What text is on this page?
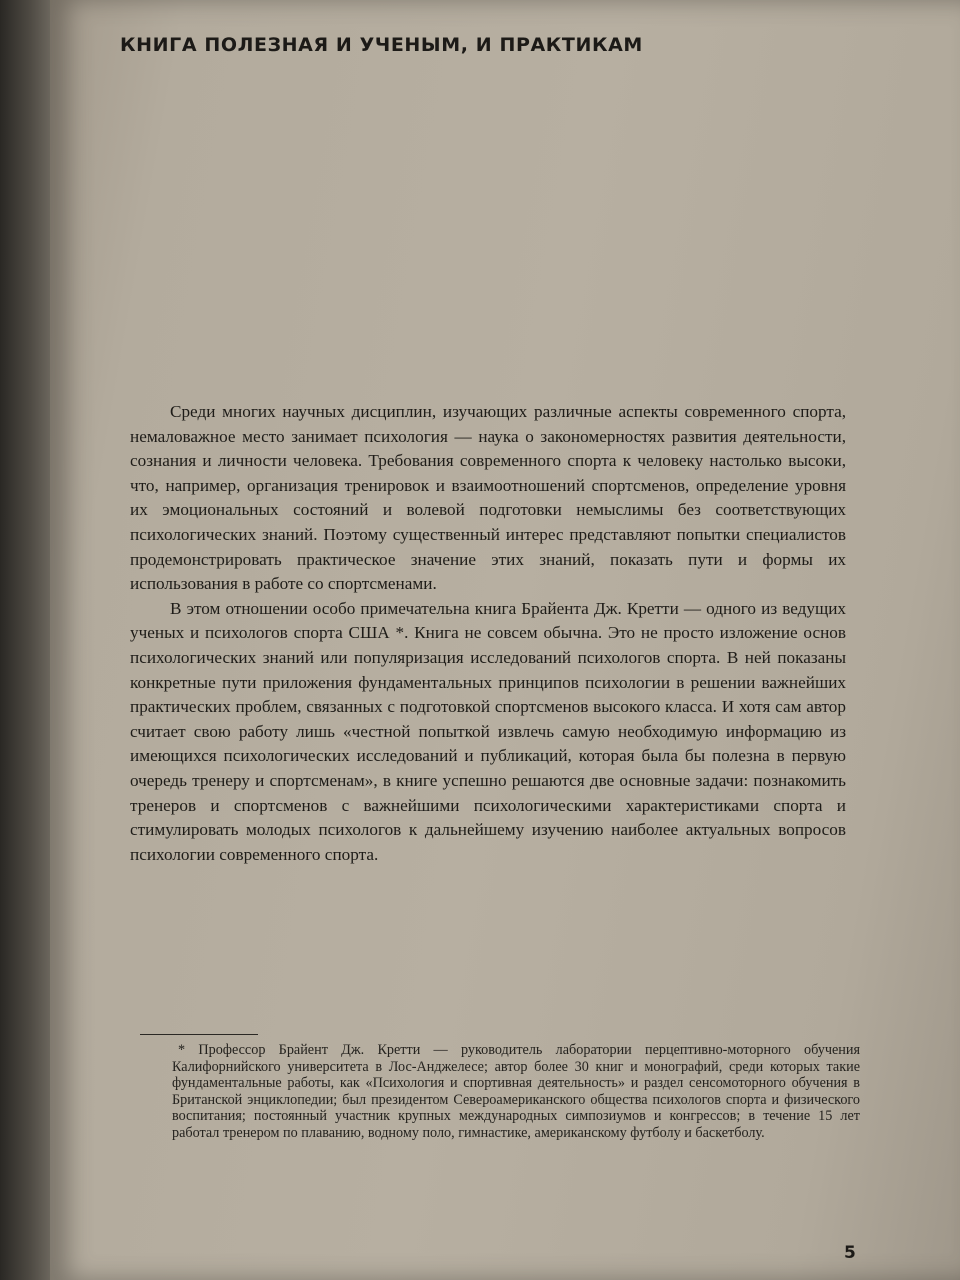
КНИГА ПОЛЕЗНАЯ И УЧЕНЫМ, И ПРАКТИКАМ

Среди многих научных дисциплин, изучающих различные аспекты современного спорта, немаловажное место занимает психология — наука о закономерностях развития деятельности, сознания и личности человека. Требования современного спорта к человеку настолько высоки, что, например, организация тренировок и взаимоотношений спортсменов, определение уровня их эмоциональных состояний и волевой подготовки немыслимы без соответствующих психологических знаний. Поэтому существенный интерес представляют попытки специалистов продемонстрировать практическое значение этих знаний, показать пути и формы их использования в работе со спортсменами.

В этом отношении особо примечательна книга Брайента Дж. Кретти — одного из ведущих ученых и психологов спорта США *. Книга не совсем обычна. Это не просто изложение основ психологических знаний или популяризация исследований психологов спорта. В ней показаны конкретные пути приложения фундаментальных принципов психологии в решении важнейших практических проблем, связанных с подготовкой спортсменов высокого класса. И хотя сам автор считает свою работу лишь «честной попыткой извлечь самую необходимую информацию из имеющихся психологических исследований и публикаций, которая была бы полезна в первую очередь тренеру и спортсменам», в книге успешно решаются две основные задачи: познакомить тренеров и спортсменов с важнейшими психологическими характеристиками спорта и стимулировать молодых психологов к дальнейшему изучению наиболее актуальных вопросов психологии современного спорта.

* Профессор Брайент Дж. Кретти — руководитель лаборатории перцептивно-моторного обучения Калифорнийского университета в Лос-Анджелесе; автор более 30 книг и монографий, среди которых такие фундаментальные работы, как «Психология и спортивная деятельность» и раздел сенсомоторного обучения в Британской энциклопедии; был президентом Североамериканского общества психологов спорта и физического воспитания; постоянный участник крупных международных симпозиумов и конгрессов; в течение 15 лет работал тренером по плаванию, водному поло, гимнастике, американскому футболу и баскетболу.

5
